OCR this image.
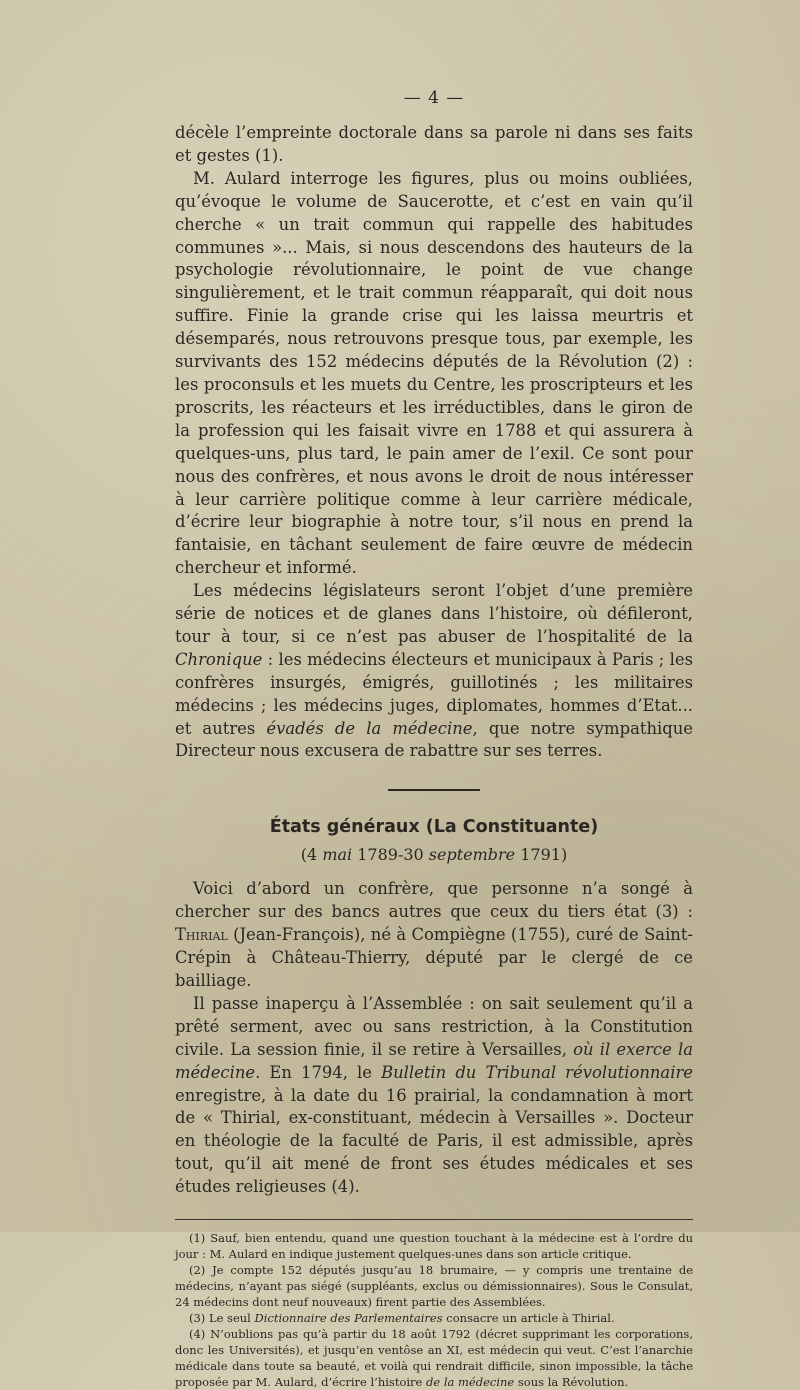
— 4 —

décèle l’empreinte doctorale dans sa parole ni dans ses faits et gestes (1).

M. Aulard interroge les figures, plus ou moins oubliées, qu’évoque le volume de Saucerotte, et c’est en vain qu’il cherche « un trait commun qui rappelle des habitudes communes »... Mais, si nous descendons des hauteurs de la psychologie révolutionnaire, le point de vue change singulièrement, et le trait commun réapparaît, qui doit nous suffire. Finie la grande crise qui les laissa meurtris et désemparés, nous retrouvons presque tous, par exemple, les survivants des 152 médecins députés de la Révolution (2) : les proconsuls et les muets du Centre, les proscripteurs et les proscrits, les réacteurs et les irréductibles, dans le giron de la profession qui les faisait vivre en 1788 et qui assurera à quelques-uns, plus tard, le pain amer de l’exil. Ce sont pour nous des confrères, et nous avons le droit de nous intéresser à leur carrière politique comme à leur carrière médicale, d’écrire leur biographie à notre tour, s’il nous en prend la fantaisie, en tâchant seulement de faire œuvre de médecin chercheur et informé.

Les médecins législateurs seront l’objet d’une première série de notices et de glanes dans l’histoire, où défileront, tour à tour, si ce n’est pas abuser de l’hospitalité de la Chronique : les médecins électeurs et municipaux à Paris ; les confrères insurgés, émigrés, guillotinés ; les militaires médecins ; les médecins juges, diplomates, hommes d’Etat... et autres évadés de la médecine, que notre sympathique Directeur nous excusera de rabattre sur ses terres.

États généraux (La Constituante)
(4 mai 1789-30 septembre 1791)

Voici d’abord un confrère, que personne n’a songé à chercher sur des bancs autres que ceux du tiers état (3) : Thirial (Jean-François), né à Compiègne (1755), curé de Saint-Crépin à Château-Thierry, député par le clergé de ce bailliage.

Il passe inaperçu à l’Assemblée : on sait seulement qu’il a prêté serment, avec ou sans restriction, à la Constitution civile. La session finie, il se retire à Versailles, où il exerce la médecine. En 1794, le Bulletin du Tribunal révolutionnaire enregistre, à la date du 16 prairial, la condamnation à mort de « Thirial, ex-constituant, médecin à Versailles ». Docteur en théologie de la faculté de Paris, il est admissible, après tout, qu’il ait mené de front ses études médicales et ses études religieuses (4).

(1) Sauf, bien entendu, quand une question touchant à la médecine est à l’ordre du jour : M. Aulard en indique justement quelques-unes dans son article critique.

(2) Je compte 152 députés jusqu’au 18 brumaire, — y compris une trentaine de médecins, n’ayant pas siégé (suppléants, exclus ou démissionnaires). Sous le Consulat, 24 médecins dont neuf nouveaux) firent partie des Assemblées.

(3) Le seul Dictionnaire des Parlementaires consacre un article à Thirial.

(4) N’oublions pas qu’à partir du 18 août 1792 (décret supprimant les corporations, donc les Universités), et jusqu’en ventôse an XI, est médecin qui veut. C’est l’anarchie médicale dans toute sa beauté, et voilà qui rendrait difficile, sinon impossible, la tâche proposée par M. Aulard, d’écrire l’histoire de la médecine sous la Révolution.
